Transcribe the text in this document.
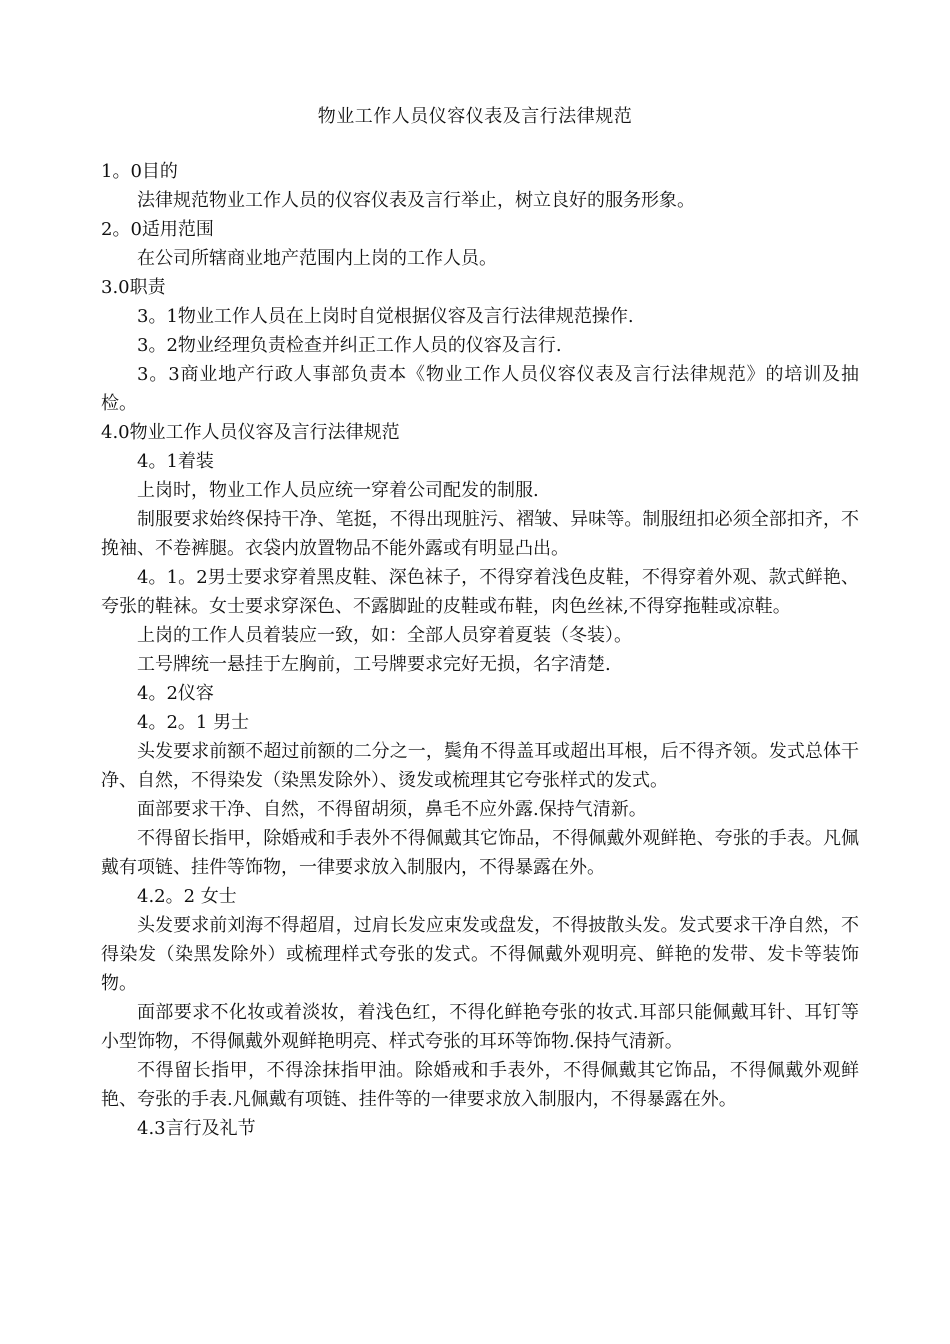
物业工作人员仪容仪表及言行法律规范

1。0目的

法律规范物业工作人员的仪容仪表及言行举止，树立良好的服务形象。

2。0适用范围

在公司所辖商业地产范围内上岗的工作人员。

3.0职责

3。1物业工作人员在上岗时自觉根据仪容及言行法律规范操作.

3。2物业经理负责检查并纠正工作人员的仪容及言行.

3。3商业地产行政人事部负责本《物业工作人员仪容仪表及言行法律规范》的培训及抽检。

4.0物业工作人员仪容及言行法律规范

4。1着装

上岗时，物业工作人员应统一穿着公司配发的制服.

制服要求始终保持干净、笔挺，不得出现脏污、褶皱、异味等。制服纽扣必须全部扣齐，不挽袖、不卷裤腿。衣袋内放置物品不能外露或有明显凸出。

4。1。2男士要求穿着黑皮鞋、深色袜子，不得穿着浅色皮鞋，不得穿着外观、款式鲜艳、夸张的鞋袜。女士要求穿深色、不露脚趾的皮鞋或布鞋，肉色丝袜,不得穿拖鞋或凉鞋。

上岗的工作人员着装应一致，如：全部人员穿着夏装（冬装）。

工号牌统一悬挂于左胸前，工号牌要求完好无损，名字清楚.

4。2仪容

4。2。1 男士

头发要求前额不超过前额的二分之一，鬓角不得盖耳或超出耳根，后不得齐领。发式总体干净、自然，不得染发（染黑发除外）、烫发或梳理其它夸张样式的发式。

面部要求干净、自然，不得留胡须，鼻毛不应外露.保持气清新。

不得留长指甲，除婚戒和手表外不得佩戴其它饰品，不得佩戴外观鲜艳、夸张的手表。凡佩戴有项链、挂件等饰物，一律要求放入制服内，不得暴露在外。

4.2。2 女士

头发要求前刘海不得超眉，过肩长发应束发或盘发，不得披散头发。发式要求干净自然，不得染发（染黑发除外）或梳理样式夸张的发式。不得佩戴外观明亮、鲜艳的发带、发卡等装饰物。

面部要求不化妆或着淡妆，着浅色红，不得化鲜艳夸张的妆式.耳部只能佩戴耳针、耳钉等小型饰物，不得佩戴外观鲜艳明亮、样式夸张的耳环等饰物.保持气清新。

不得留长指甲，不得涂抹指甲油。除婚戒和手表外，不得佩戴其它饰品，不得佩戴外观鲜艳、夸张的手表.凡佩戴有项链、挂件等的一律要求放入制服内，不得暴露在外。

4.3言行及礼节
